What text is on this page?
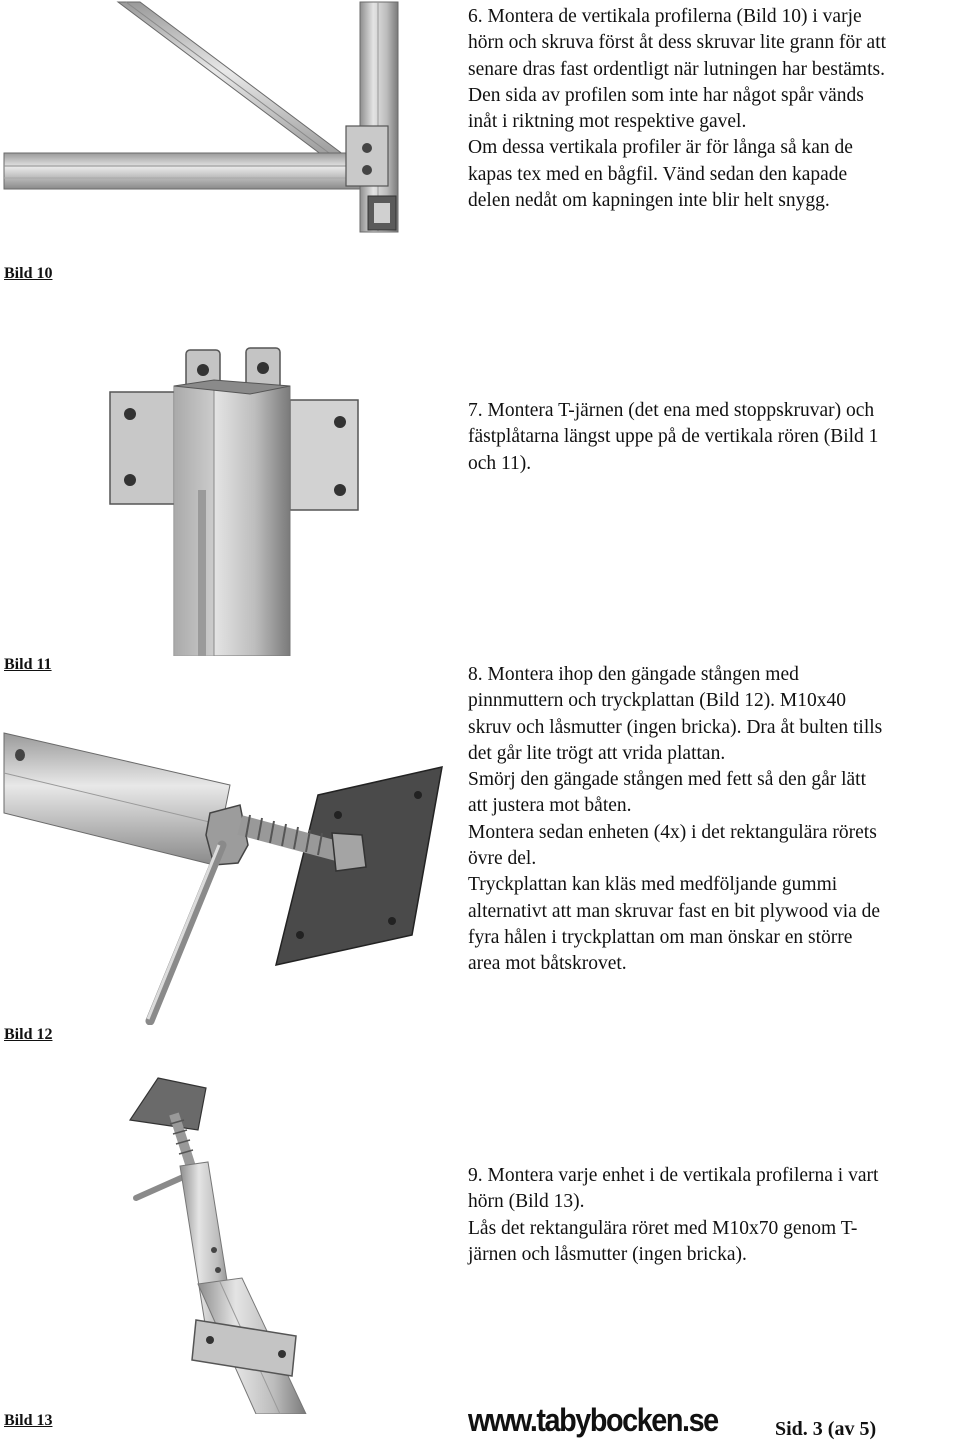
6. Montera de vertikala profilerna (Bild 10) i varje

hörn och skruva först åt dess skruvar lite grann för att

senare dras fast ordentligt när lutningen har bestämts.

Den sida av profilen som inte har något spår vänds

inåt i riktning mot respektive gavel.

Om dessa vertikala profiler är för långa så kan de

kapas tex med en bågfil. Vänd sedan den kapade

delen nedåt om kapningen inte blir helt snygg.

Bild 10

7. Montera T-järnen (det ena med stoppskruvar) och

fästplåtarna längst uppe på de vertikala rören (Bild 1

och 11).

Bild 11	8. Montera ihop den gängade stången med

pinnmuttern och tryckplattan (Bild 12). M10x40

skruv och låsmutter (ingen bricka). Dra åt bulten tills

det går lite trögt att vrida plattan.

Smörj den gängade stången med fett så den går lätt

att justera mot båten.

Montera sedan enheten (4x) i det rektangulära rörets

övre del.

Tryckplattan kan kläs med medföljande gummi

alternativt att man skruvar fast en bit plywood via de

fyra hålen i tryckplattan om man önskar en större

area mot båtskrovet.

Bild 12

9. Montera varje enhet i de vertikala profilerna i vart

hörn (Bild 13).

Lås det rektangulära röret med M10x70 genom T-

järnen och låsmutter (ingen bricka).

Bild 13	www.tabybocken.se	Sid. 3 (av 5)
